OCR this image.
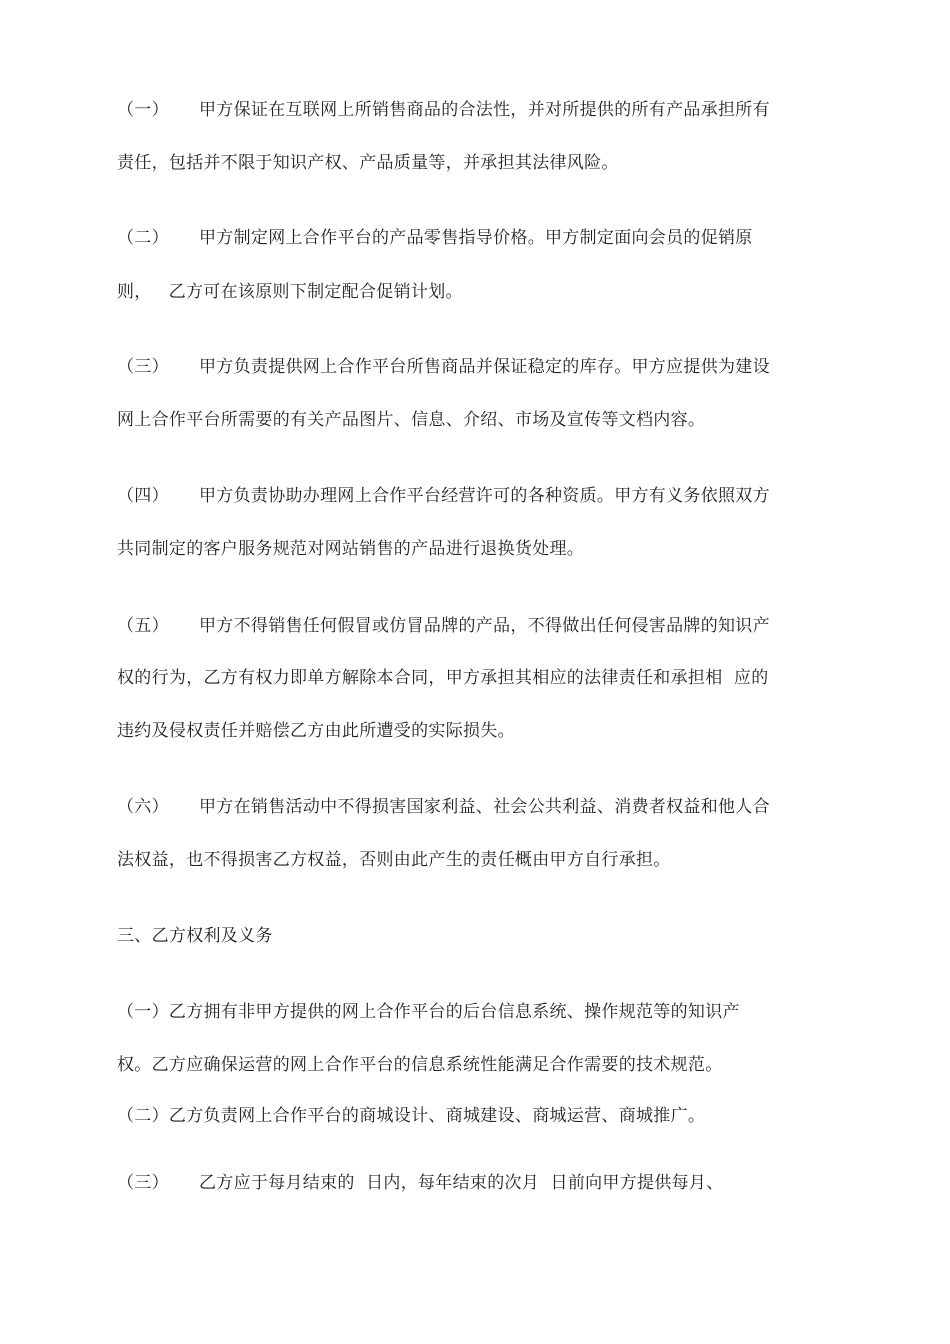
（一） 甲方保证在互联网上所销售商品的合法性，并对所提供的所有产品承担所有
责任，包括并不限于知识产权、产品质量等，并承担其法律风险。
（二） 甲方制定网上合作平台的产品零售指导价格。甲方制定面向会员的促销原
则，   乙方可在该原则下制定配合促销计划。
（三） 甲方负责提供网上合作平台所售商品并保证稳定的库存。甲方应提供为建设
网上合作平台所需要的有关产品图片、信息、介绍、市场及宣传等文档内容。
（四） 甲方负责协助办理网上合作平台经营许可的各种资质。甲方有义务依照双方
共同制定的客户服务规范对网站销售的产品进行退换货处理。
（五） 甲方不得销售任何假冒或仿冒品牌的产品，不得做出任何侵害品牌的知识产
权的行为，乙方有权力即单方解除本合同，甲方承担其相应的法律责任和承担相  应的
违约及侵权责任并赔偿乙方由此所遭受的实际损失。
（六） 甲方在销售活动中不得损害国家利益、社会公共利益、消费者权益和他人合
法权益，也不得损害乙方权益，否则由此产生的责任概由甲方自行承担。
三、乙方权利及义务
（一）乙方拥有非甲方提供的网上合作平台的后台信息系统、操作规范等的知识产
权。乙方应确保运营的网上合作平台的信息系统性能满足合作需要的技术规范。
（二）乙方负责网上合作平台的商城设计、商城建设、商城运营、商城推广。
（三） 乙方应于每月结束的  日内，每年结束的次月  日前向甲方提供每月、
